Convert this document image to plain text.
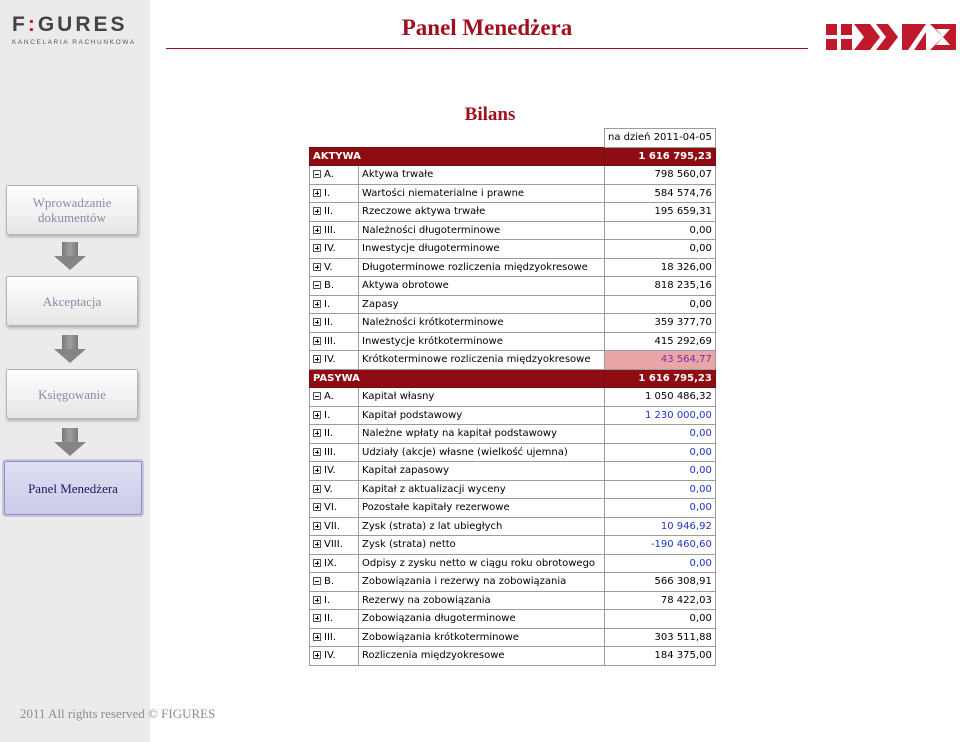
F:GURES
KANCELARIA RACHUNKOWA
Wprowadzanie dokumentów
Akceptacja
Księgowanie
Panel Menedżera
2011 All rights reserved © FIGURES
Panel Menedżera
Bilans
		na dzień 2011-04-05
AKTYWA		1 616 795,23
A.	Aktywa trwałe	798 560,07
I.	Wartości niematerialne i prawne	584 574,76
II.	Rzeczowe aktywa trwałe	195 659,31
III.	Należności długoterminowe	0,00
IV.	Inwestycje długoterminowe	0,00
V.	Długoterminowe rozliczenia międzyokresowe	18 326,00
B.	Aktywa obrotowe	818 235,16
I.	Zapasy	0,00
II.	Należności krótkoterminowe	359 377,70
III.	Inwestycje krótkoterminowe	415 292,69
IV.	Krótkoterminowe rozliczenia międzyokresowe	43 564,77
PASYWA		1 616 795,23
A.	Kapitał własny	1 050 486,32
I.	Kapitał podstawowy	1 230 000,00
II.	Należne wpłaty na kapitał podstawowy	0,00
III.	Udziały (akcje) własne (wielkość ujemna)	0,00
IV.	Kapitał zapasowy	0,00
V.	Kapitał z aktualizacji wyceny	0,00
VI.	Pozostałe kapitały rezerwowe	0,00
VII.	Zysk (strata) z lat ubiegłych	10 946,92
VIII.	Zysk (strata) netto	-190 460,60
IX.	Odpisy z zysku netto w ciągu roku obrotowego	0,00
B.	Zobowiązania i rezerwy na zobowiązania	566 308,91
I.	Rezerwy na zobowiązania	78 422,03
II.	Zobowiązania długoterminowe	0,00
III.	Zobowiązania krótkoterminowe	303 511,88
IV.	Rozliczenia międzyokresowe	184 375,00
